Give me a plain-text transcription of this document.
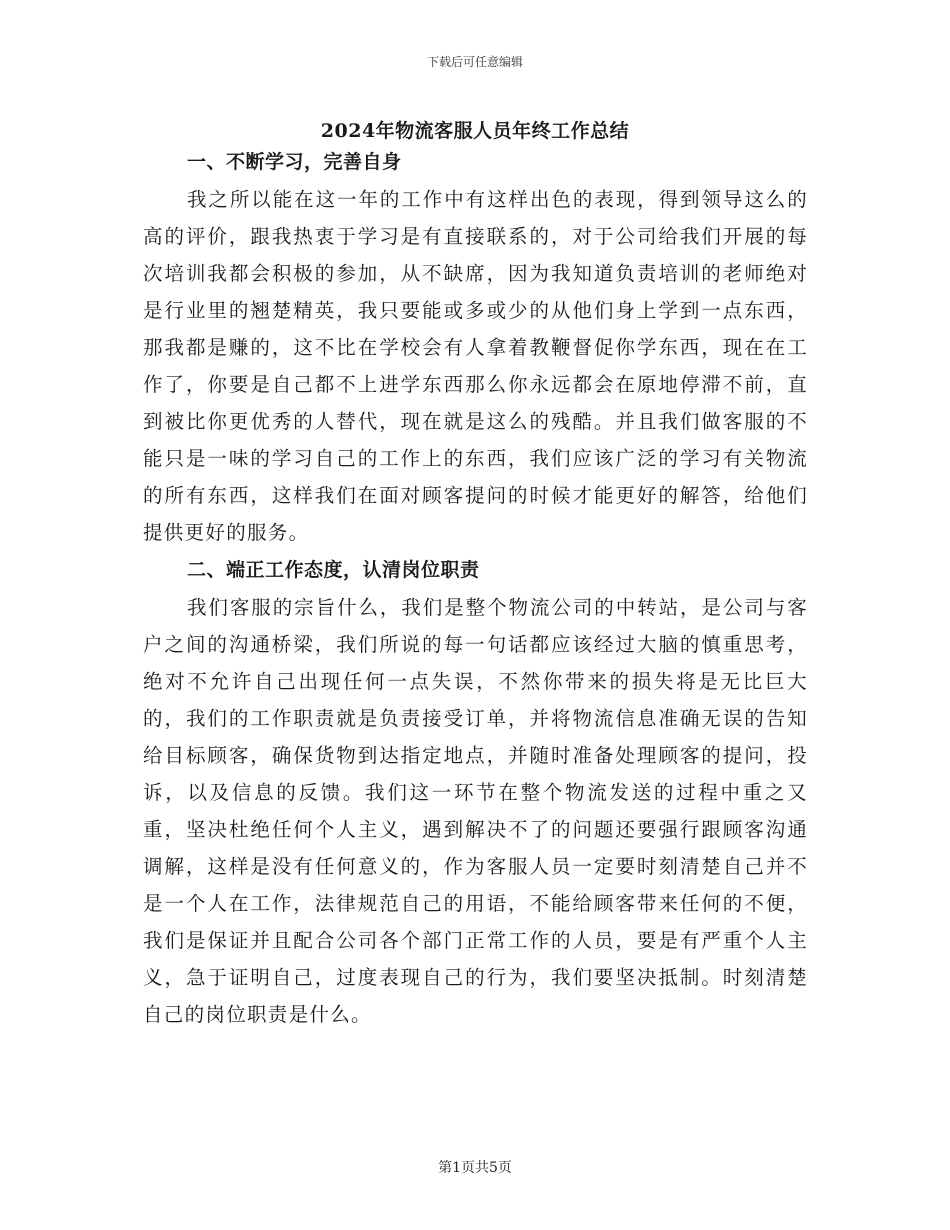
下载后可任意编辑
2024年物流客服人员年终工作总结
一、不断学习，完善自身

我之所以能在这一年的工作中有这样出色的表现，得到领导这么的高的评价，跟我热衷于学习是有直接联系的，对于公司给我们开展的每次培训我都会积极的参加，从不缺席，因为我知道负责培训的老师绝对是行业里的翘楚精英，我只要能或多或少的从他们身上学到一点东西，那我都是赚的，这不比在学校会有人拿着教鞭督促你学东西，现在在工作了，你要是自己都不上进学东西那么你永远都会在原地停滞不前，直到被比你更优秀的人替代，现在就是这么的残酷。并且我们做客服的不能只是一味的学习自己的工作上的东西，我们应该广泛的学习有关物流的所有东西，这样我们在面对顾客提问的时候才能更好的解答，给他们提供更好的服务。

二、端正工作态度，认清岗位职责

我们客服的宗旨什么，我们是整个物流公司的中转站，是公司与客户之间的沟通桥梁，我们所说的每一句话都应该经过大脑的慎重思考，绝对不允许自己出现任何一点失误，不然你带来的损失将是无比巨大的，我们的工作职责就是负责接受订单，并将物流信息准确无误的告知给目标顾客，确保货物到达指定地点，并随时准备处理顾客的提问，投诉，以及信息的反馈。我们这一环节在整个物流发送的过程中重之又重，坚决杜绝任何个人主义，遇到解决不了的问题还要强行跟顾客沟通调解，这样是没有任何意义的，作为客服人员一定要时刻清楚自己并不是一个人在工作，法律规范自己的用语，不能给顾客带来任何的不便，我们是保证并且配合公司各个部门正常工作的人员，要是有严重个人主义，急于证明自己，过度表现自己的行为，我们要坚决抵制。时刻清楚自己的岗位职责是什么。

第1页共5页
